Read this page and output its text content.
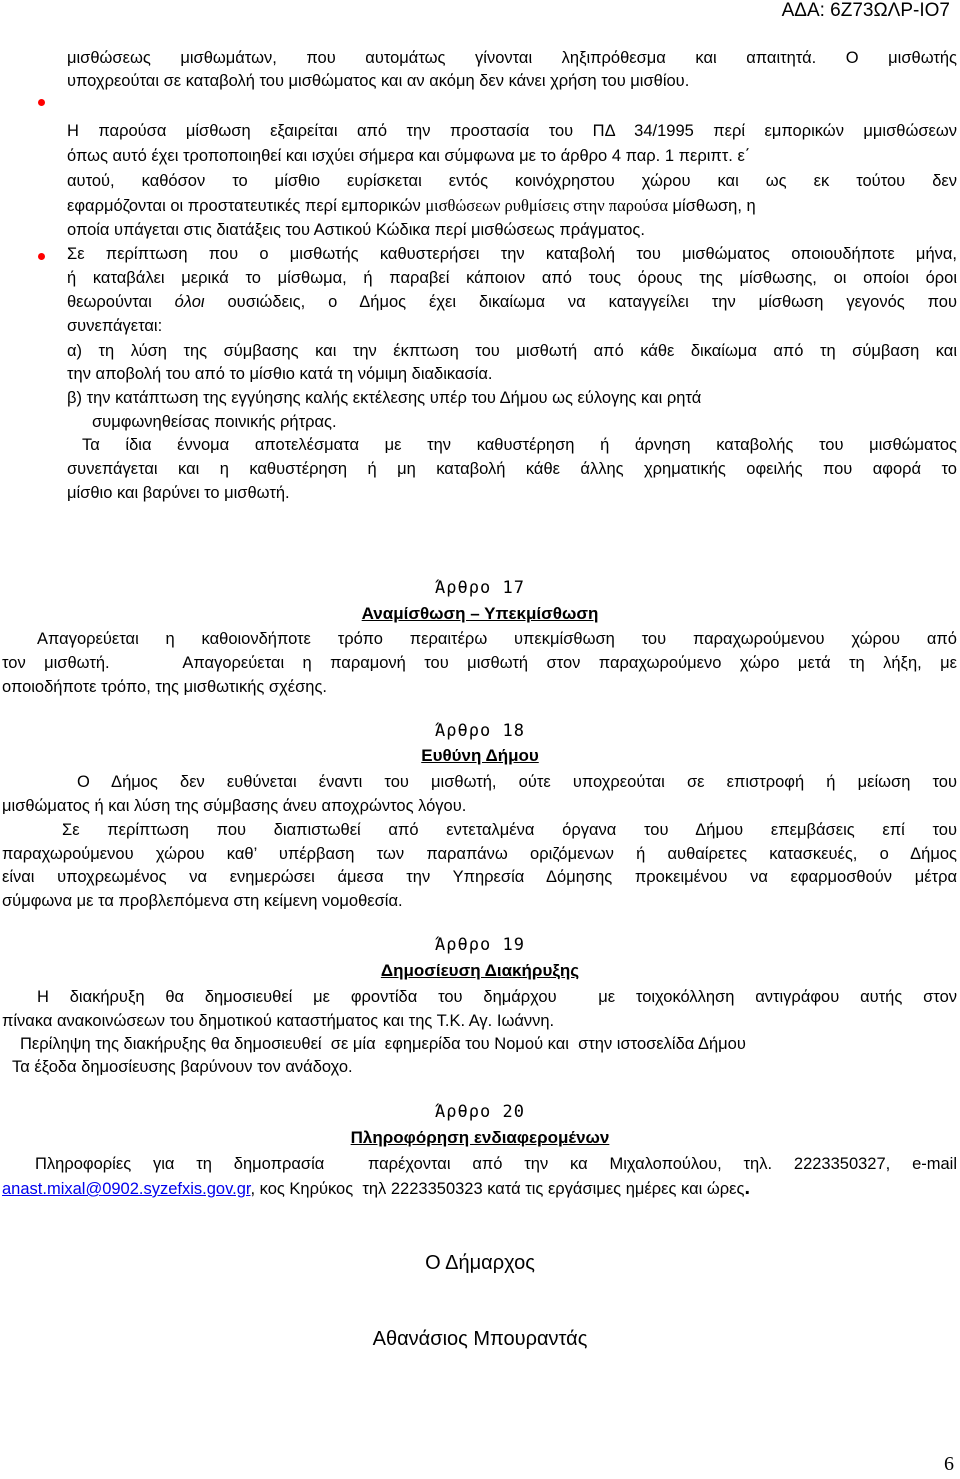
ΑΔΑ: 6Ζ73ΩΛΡ-ΙΟ7
μισθώσεως μισθωμάτων, που αυτομάτως γίνονται ληξιπρόθεσμα και απαιτητά. Ο μισθωτής
υποχρεούται σε καταβολή του μισθώματος και αν ακόμη δεν κάνει χρήση του μισθίου.
Η παρούσα μίσθωση εξαιρείται από την προστασία του ΠΔ 34/1995 περί εμπορικών μμισθώσεων
όπως αυτό έχει τροποποιηθεί και ισχύει σήμερα και σύμφωνα με το άρθρο 4 παρ. 1 περιπτ. ε΄
αυτού, καθόσον το μίσθιο ευρίσκεται εντός κοινόχρηστου χώρου και ως εκ τούτου δεν
εφαρμόζονται οι προστατευτικές περί εμπορικών μισθώσεων ρυθμίσεις στην παρούσα μίσθωση, η
οποία υπάγεται στις διατάξεις του Αστικού Κώδικα περί μισθώσεως πράγματος.
Σε περίπτωση που ο μισθωτής καθυστερήσει την καταβολή του μισθώματος οποιουδήποτε μήνα,
ή καταβάλει μερικά το μίσθωμα, ή παραβεί κάποιον από τους όρους της μίσθωσης, οι οποίοι όροι
θεωρούνται όλοι ουσιώδεις, ο Δήμος έχει δικαίωμα να καταγγείλει την μίσθωση γεγονός που
συνεπάγεται:
α) τη λύση της σύμβασης και την έκπτωση του μισθωτή από κάθε δικαίωμα από τη σύμβαση και
την αποβολή του από το μίσθιο κατά τη νόμιμη διαδικασία.
β) την κατάπτωση της εγγύησης καλής εκτέλεσης υπέρ του Δήμου ως εύλογης και ρητά
συμφωνηθείσας ποινικής ρήτρας.
Τα ίδια έννομα αποτελέσματα με την καθυστέρηση ή άρνηση καταβολής του μισθώματος
συνεπάγεται και η καθυστέρηση ή μη καταβολή κάθε άλλης χρηματικής οφειλής που αφορά το
μίσθιο και βαρύνει το μισθωτή.
Άρθρο 17
Αναμίσθωση – Υπεκμίσθωση
Απαγορεύεται η καθοιονδήποτε τρόπο περαιτέρω υπεκμίσθωση του παραχωρούμενου χώρου από
τον μισθωτή.    Απαγορεύεται η παραμονή του μισθωτή στον παραχωρούμενο χώρο μετά τη λήξη, με
οποιοδήποτε τρόπο, της μισθωτικής σχέσης.
Άρθρο 18
Ευθύνη Δήμου
Ο Δήμος δεν ευθύνεται έναντι του μισθωτή, ούτε υποχρεούται σε επιστροφή ή μείωση του
μισθώματος ή και λύση της σύμβασης άνευ αποχρώντος λόγου.
Σε περίπτωση που διαπιστωθεί από εντεταλμένα όργανα του Δήμου επεμβάσεις επί του
παραχωρούμενου χώρου καθ’ υπέρβαση των παραπάνω οριζόμενων ή αυθαίρετες κατασκευές, ο Δήμος
είναι υποχρεωμένος να ενημερώσει άμεσα την Υπηρεσία Δόμησης προκειμένου να εφαρμοσθούν μέτρα
σύμφωνα με τα προβλεπόμενα στη κείμενη νομοθεσία.
Άρθρο 19
Δημοσίευση Διακήρυξης
Η διακήρυξη θα δημοσιευθεί με φροντίδα του δημάρχου  με τοιχοκόλληση αντιγράφου αυτής στον
πίνακα ανακοινώσεων του δημοτικού καταστήματος και της Τ.Κ. Αγ. Ιωάννη.
Περίληψη της διακήρυξης θα δημοσιευθεί  σε μία  εφημερίδα του Νομού και  στην ιστοσελίδα Δήμου
Τα έξοδα δημοσίευσης βαρύνουν τον ανάδοχο.
Άρθρο 20
Πληροφόρηση ενδιαφερομένων
Πληροφορίες για τη δημοπρασία  παρέχονται από την κα Μιχαλοπούλου, τηλ. 2223350327, e-mail
anast.mixal@0902.syzefxis.gov.gr, κος Κηρύκος  τηλ 2223350323 κατά τις εργάσιμες ημέρες και ώρες.
Ο Δήμαρχος
Αθανάσιος Μπουραντάς
6
